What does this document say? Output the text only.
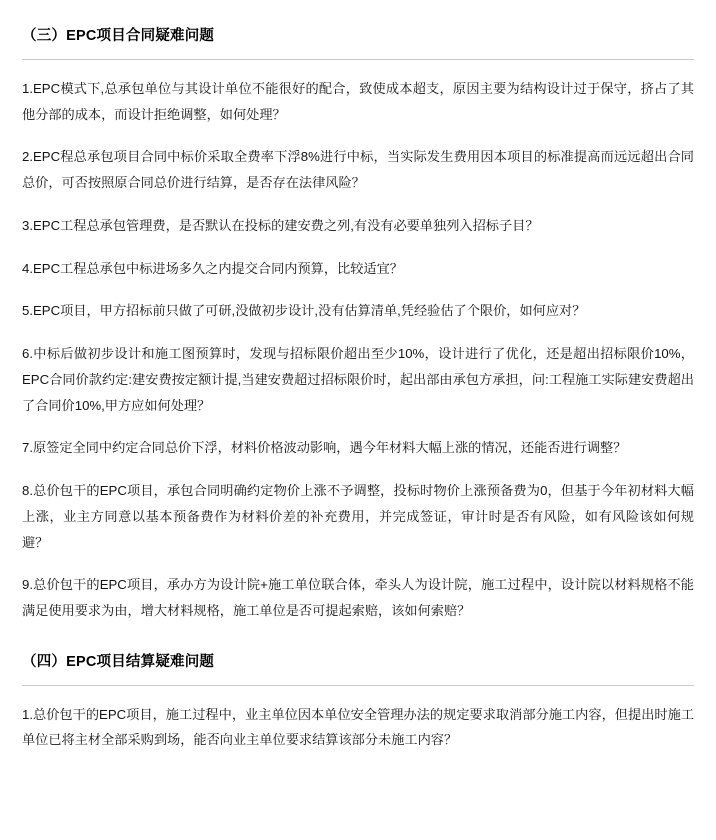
（三）EPC项目合同疑难问题

1.EPC模式下,总承包单位与其设计单位不能很好的配合，致使成本超支，原因主要为结构设计过于保守，挤占了其他分部的成本，而设计拒绝调整，如何处理？

2.EPC程总承包项目合同中标价采取全费率下浮8%进行中标，当实际发生费用因本项目的标准提高而远远超出合同总价，可否按照原合同总价进行结算，是否存在法律风险？

3.EPC工程总承包管理费，是否默认在投标的建安费之列,有没有必要单独列入招标子目？

4.EPC工程总承包中标进场多久之内提交合同内预算，比较适宜？

5.EPC项目，甲方招标前只做了可研,没做初步设计,没有估算清单,凭经验估了个限价，如何应对？

6.中标后做初步设计和施工图预算时，发现与招标限价超出至少10%，设计进行了优化，还是超出招标限价10%，EPC合同价款约定:建安费按定额计提,当建安费超过招标限价时，起出部由承包方承担，问:工程施工实际建安费超出了合同价10%,甲方应如何处理？

7.原签定全同中约定合同总价下浮，材料价格波动影响，遇今年材料大幅上涨的情况，还能否进行调整？

8.总价包干的EPC项目，承包合同明确约定物价上涨不予调整，投标时物价上涨预备费为0，但基于今年初材料大幅上涨，业主方同意以基本预备费作为材料价差的补充费用，并完成签证，审计时是否有风险，如有风险该如何规避？

9.总价包干的EPC项目，承办方为设计院+施工单位联合体，牵头人为设计院，施工过程中，设计院以材料规格不能满足使用要求为由，增大材料规格，施工单位是否可提起索赔，该如何索赔？

（四）EPC项目结算疑难问题

1.总价包干的EPC项目，施工过程中，业主单位因本单位安全管理办法的规定要求取消部分施工内容，但提出时施工单位已将主材全部采购到场，能否向业主单位要求结算该部分未施工内容？
